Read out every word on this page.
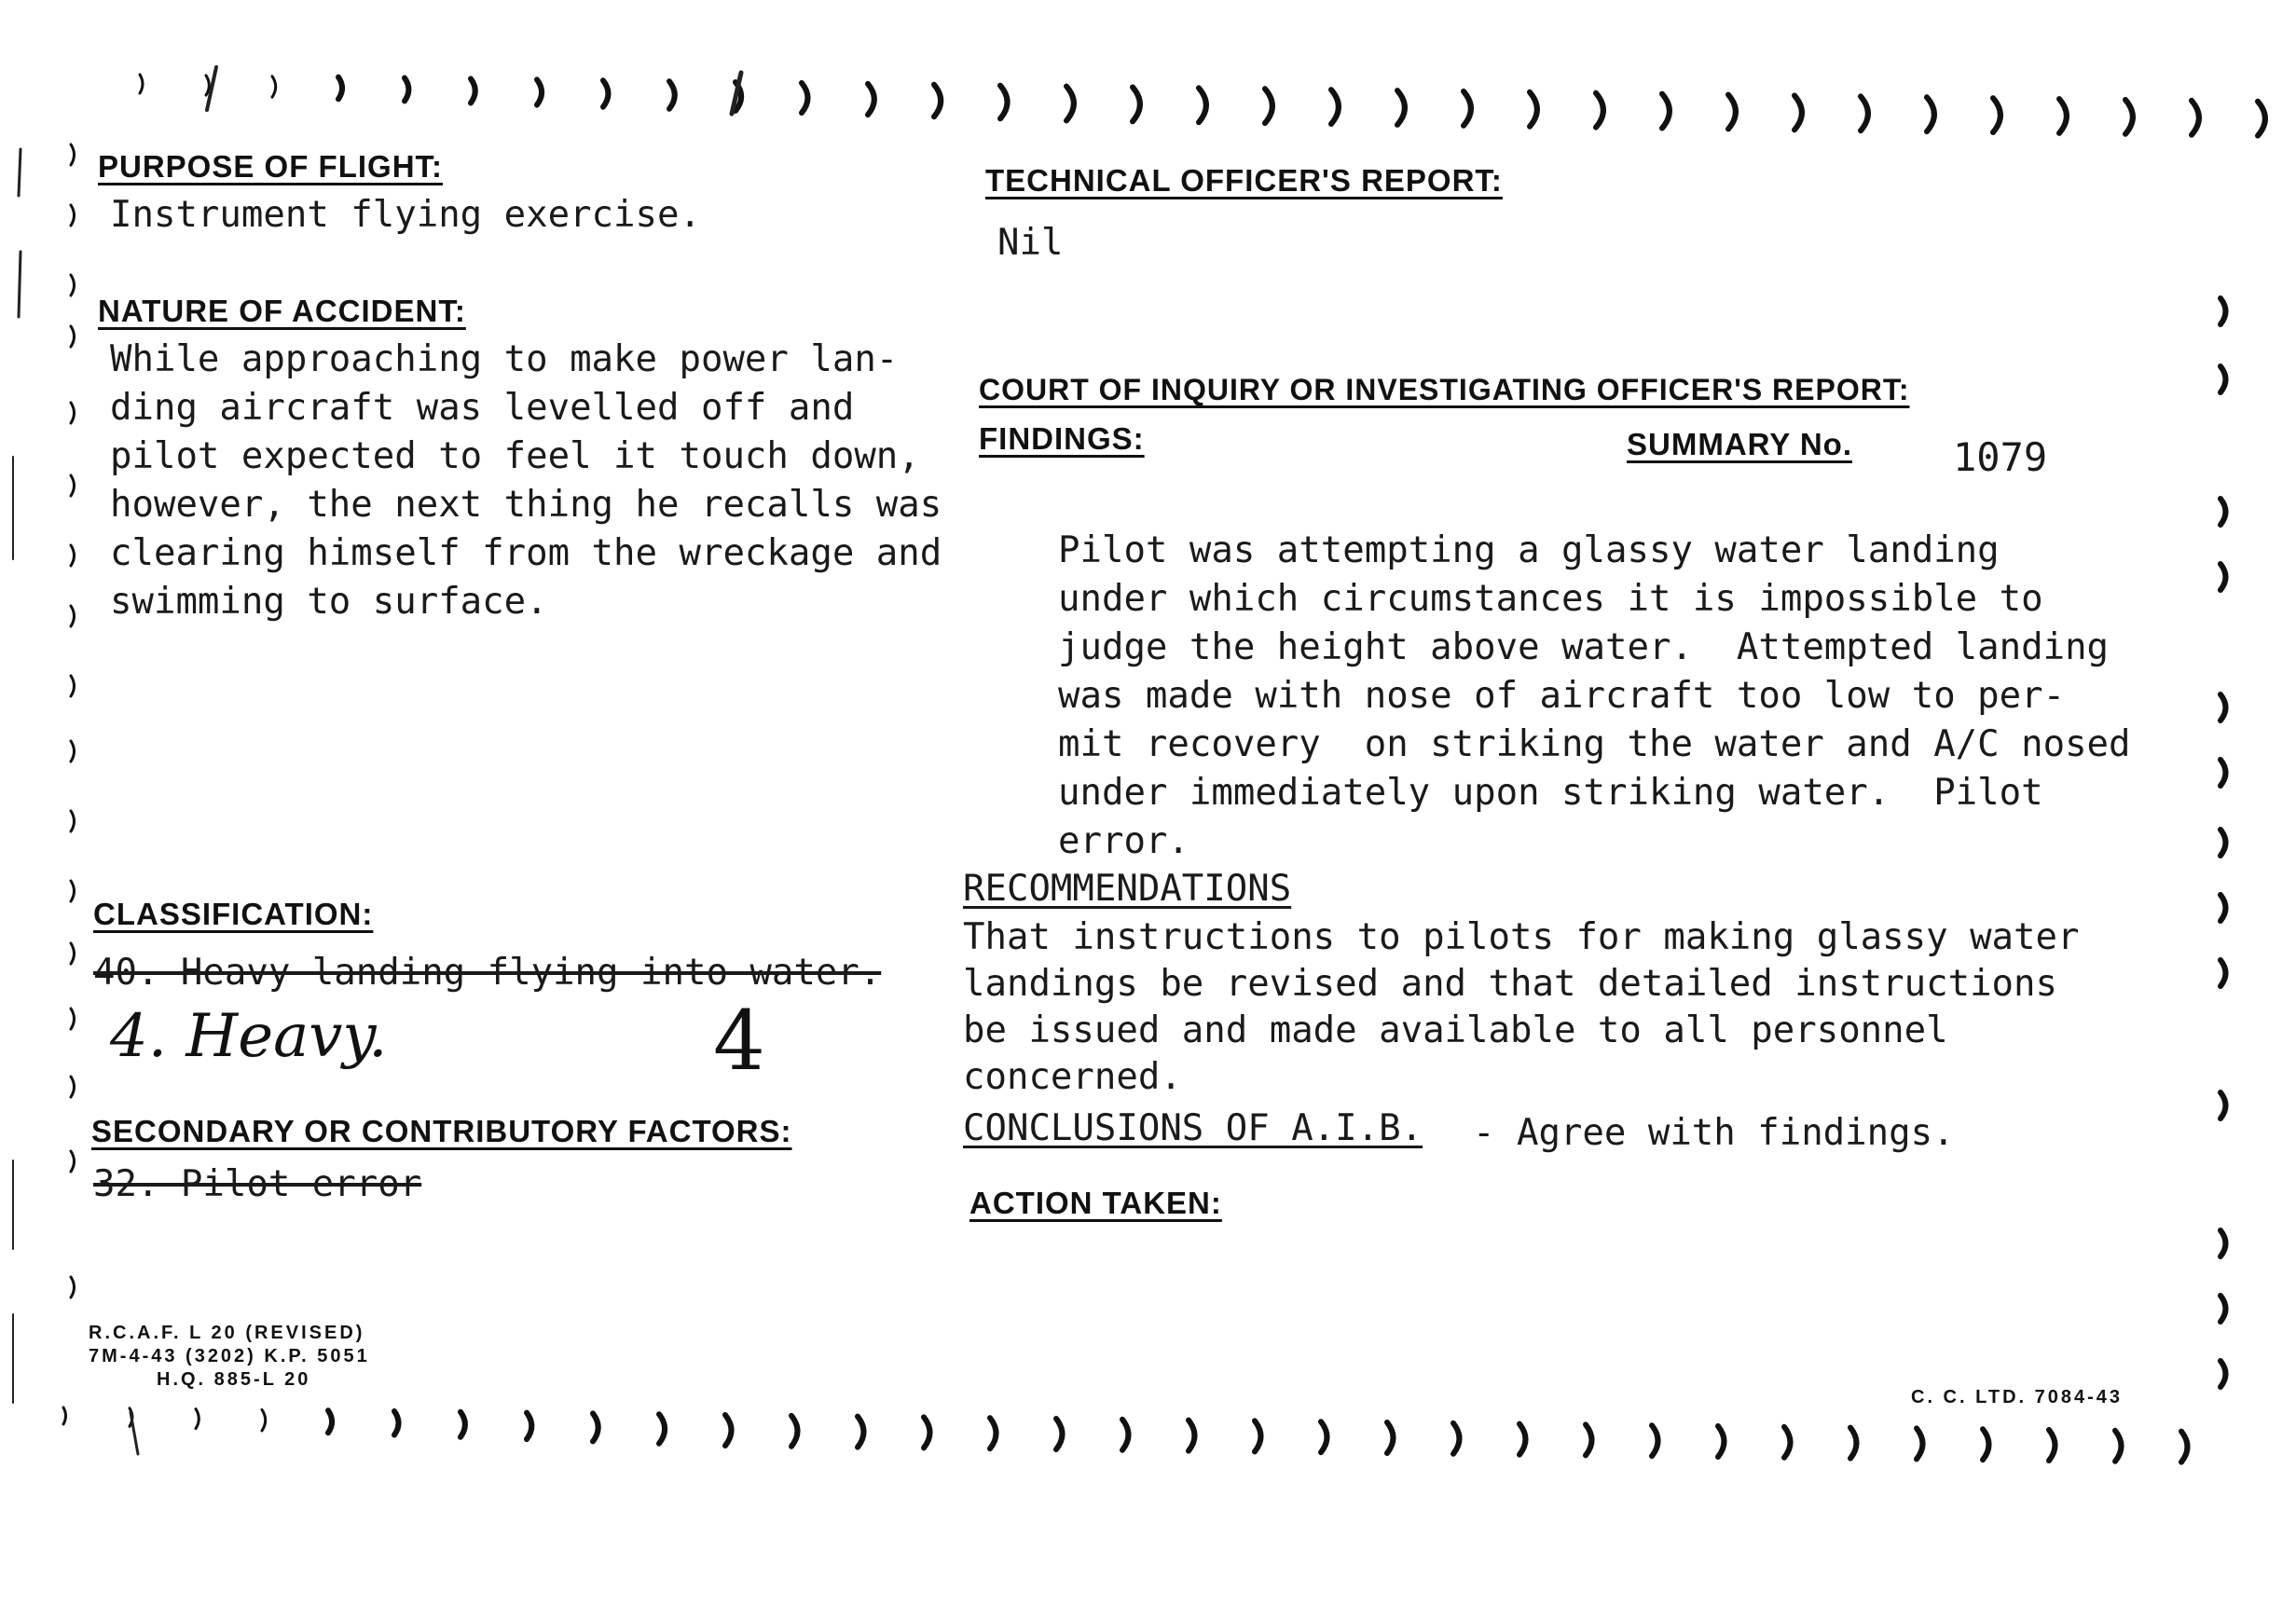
PURPOSE OF FLIGHT:
Instrument flying exercise.
NATURE OF ACCIDENT:
While approaching to make power lan-
ding aircraft was levelled off and
pilot expected to feel it touch down,
however, the next thing he recalls was
clearing himself from the wreckage and
swimming to surface.
CLASSIFICATION:
40. Heavy landing flying into water.
4. Heavy.	4
SECONDARY OR CONTRIBUTORY FACTORS:
32. Pilot error
TECHNICAL OFFICER'S REPORT:
Nil
COURT OF INQUIRY OR INVESTIGATING OFFICER'S REPORT:
FINDINGS:	SUMMARY No.	1079
Pilot was attempting a glassy water landing
under which circumstances it is impossible to
judge the height above water.  Attempted landing
was made with nose of aircraft too low to per-
mit recovery  on striking the water and A/C nosed
under immediately upon striking water.  Pilot
error.
RECOMMENDATIONS
That instructions to pilots for making glassy water
landings be revised and that detailed instructions
be issued and made available to all personnel
concerned.
CONCLUSIONS OF A.I.B. - Agree with findings.
ACTION TAKEN:
R.C.A.F. L 20 (REVISED)
7M-4-43 (3202) K.P. 5051
H.Q. 885-L 20
C. C. LTD. 7084-43
